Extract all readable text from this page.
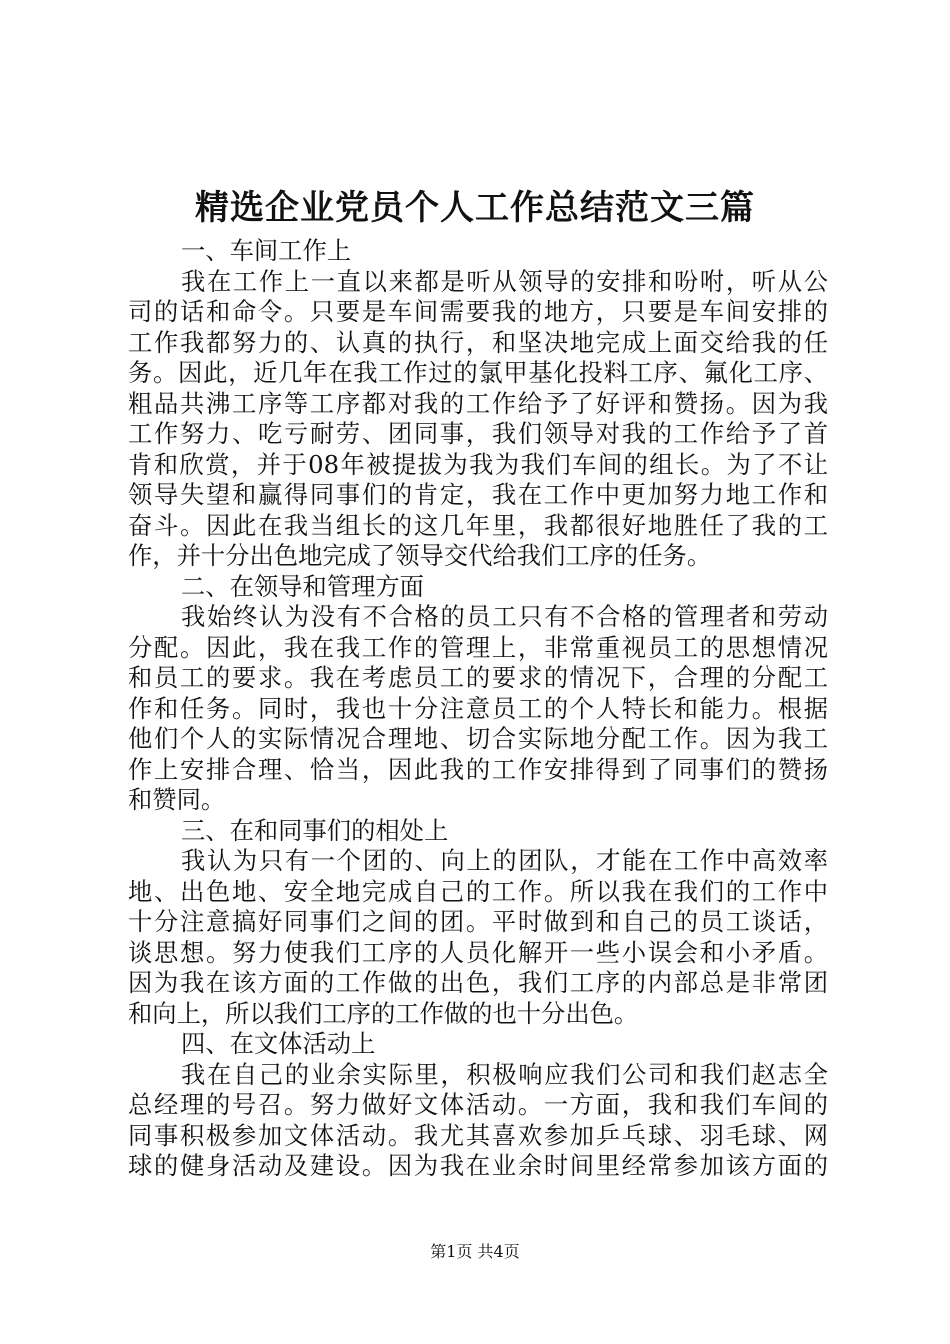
精选企业党员个人工作总结范文三篇
一、车间工作上
我在工作上一直以来都是听从领导的安排和吩咐，听从公
司的话和命令。只要是车间需要我的地方，只要是车间安排的
工作我都努力的、认真的执行，和坚决地完成上面交给我的任
务。因此，近几年在我工作过的氯甲基化投料工序、氟化工序、
粗品共沸工序等工序都对我的工作给予了好评和赞扬。因为我
工作努力、吃亏耐劳、团同事，我们领导对我的工作给予了首
肯和欣赏，并于08年被提拔为我为我们车间的组长。为了不让
领导失望和赢得同事们的肯定，我在工作中更加努力地工作和
奋斗。因此在我当组长的这几年里，我都很好地胜任了我的工
作，并十分出色地完成了领导交代给我们工序的任务。
二、在领导和管理方面
我始终认为没有不合格的员工只有不合格的管理者和劳动
分配。因此，我在我工作的管理上，非常重视员工的思想情况
和员工的要求。我在考虑员工的要求的情况下，合理的分配工
作和任务。同时，我也十分注意员工的个人特长和能力。根据
他们个人的实际情况合理地、切合实际地分配工作。因为我工
作上安排合理、恰当，因此我的工作安排得到了同事们的赞扬
和赞同。
三、在和同事们的相处上
我认为只有一个团的、向上的团队，才能在工作中高效率
地、出色地、安全地完成自己的工作。所以我在我们的工作中
十分注意搞好同事们之间的团。平时做到和自己的员工谈话，
谈思想。努力使我们工序的人员化解开一些小误会和小矛盾。
因为我在该方面的工作做的出色，我们工序的内部总是非常团
和向上，所以我们工序的工作做的也十分出色。
四、在文体活动上
我在自己的业余实际里，积极响应我们公司和我们赵志全
总经理的号召。努力做好文体活动。一方面，我和我们车间的
同事积极参加文体活动。我尤其喜欢参加乒乓球、羽毛球、网
球的健身活动及建设。因为我在业余时间里经常参加该方面的
第1页 共4页
